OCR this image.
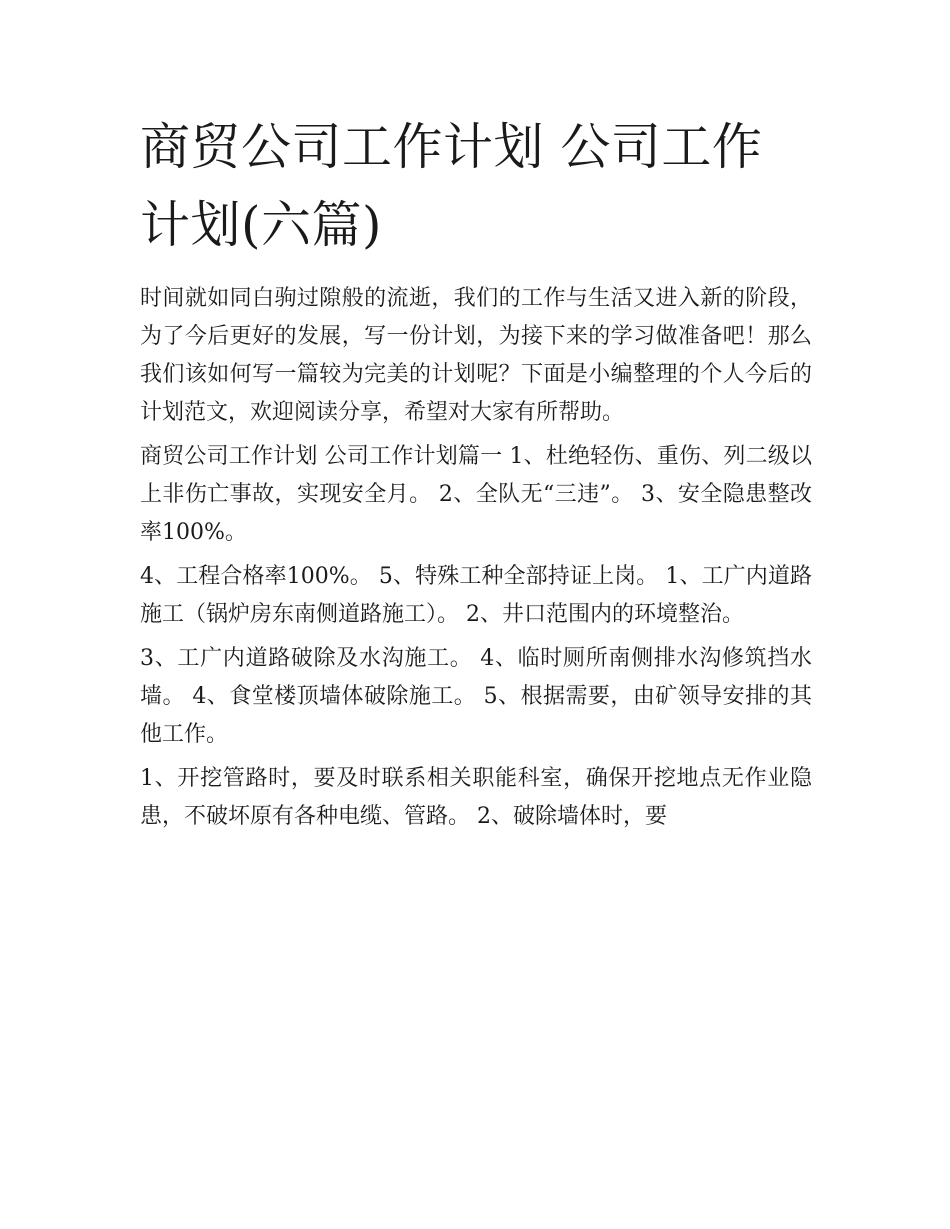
商贸公司工作计划 公司工作计划(六篇)

时间就如同白驹过隙般的流逝，我们的工作与生活又进入新的阶段，为了今后更好的发展，写一份计划，为接下来的学习做准备吧！那么我们该如何写一篇较为完美的计划呢？下面是小编整理的个人今后的计划范文，欢迎阅读分享，希望对大家有所帮助。

商贸公司工作计划 公司工作计划篇一 1、杜绝轻伤、重伤、列二级以上非伤亡事故，实现安全月。 2、全队无“三违”。 3、安全隐患整改率100%。

4、工程合格率100%。 5、特殊工种全部持证上岗。 1、工广内道路施工（锅炉房东南侧道路施工）。 2、井口范围内的环境整治。

3、工广内道路破除及水沟施工。 4、临时厕所南侧排水沟修筑挡水墙。 4、食堂楼顶墙体破除施工。 5、根据需要，由矿领导安排的其他工作。

1、开挖管路时，要及时联系相关职能科室，确保开挖地点无作业隐患，不破坏原有各种电缆、管路。 2、破除墙体时，要
